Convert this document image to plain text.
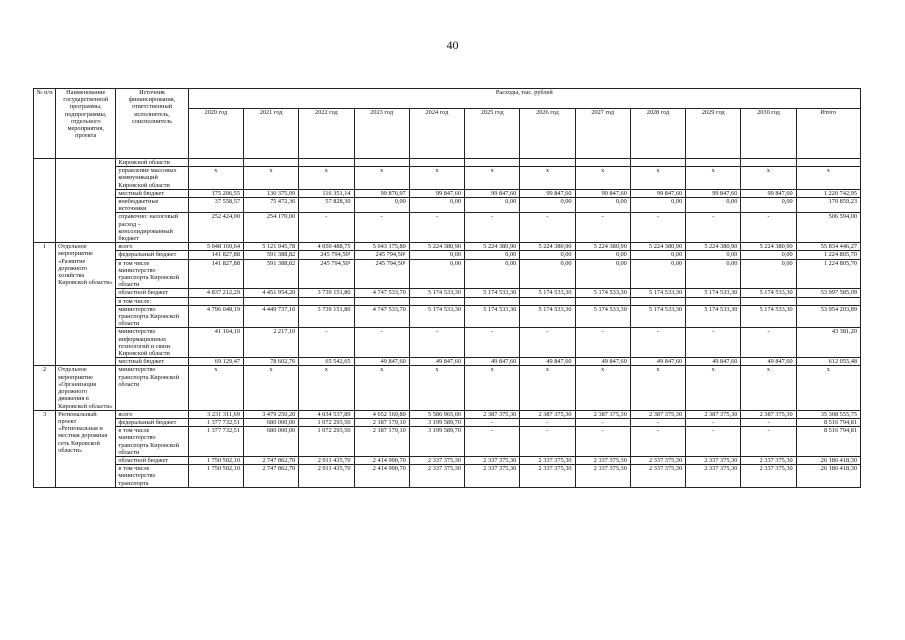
40
№ п/п	Наименование государственной программы, подпрограммы, отдельного мероприятия, проекта	Источник финансирования, ответственный исполнитель, соисполнитель	Расходы, тыс. рублей											
			2020 год	2021 год	2022 год	2023 год	2024 год	2025 год	2026 год	2027 год	2028 год	2029 год	2030 год	Итого
		Кировской области												
		управление массовых коммуникаций Кировской области	x	x	x	x	x	x	x	x	x	x	x	x
		местный бюджет	175 206,55	130 375,09	116 351,14	99 876,97	99 847,60	99 847,60	99 847,60	99 847,60	99 847,60	99 847,60	99 847,60	1 220 742,95
		внебюджетные источники	37 558,57	75 472,36	57 828,30	0,00	0,00	0,00	0,00	0,00	0,00	0,00	0,00	170 859,23
		справочно: налоговый расход – консолидированный бюджет	252 424,00	254 170,00	-	-	-	-	-	-	-	-	-	506 594,00
1	Отдельное мероприятие «Развитие дорожного хозяйства Кировской области»	всего	5 048 169,64	5 121 945,78	4 050 488,75	5 043 175,80	5 224 380,90	5 224 380,90	5 224 380,90	5 224 380,90	5 224 380,90	5 224 380,90	5 224 380,90	55 834 446,27
		федеральный бюджет	141 827,88	591 388,82	245 794,50¹	245 794,50¹	0,00	0,00	0,00	0,00	0,00	0,00	0,00	1 224 805,70
		в том числе министерство транспорта Кировской области	141 827,88	591 388,82	245 794,50¹	245 794,50¹	0,00	0,00	0,00	0,00	0,00	0,00	0,00	1 224 805,70
		областной бюджет	4 837 212,29	4 451 954,20	3 739 151,80	4 747 533,70	5 174 533,30	5 174 533,30	5 174 533,30	5 174 533,30	5 174 533,30	5 174 533,30	5 174 533,30	53 997 585,09
		в том числе:												
		министерство транспорта Кировской области	4 796 048,19	4 449 737,10	3 739 151,80	4 747 533,70	5 174 533,30	5 174 533,30	5 174 533,30	5 174 533,30	5 174 533,30	5 174 533,30	5 174 533,30	53 954 203,89
		министерство информационных технологий и связи Кировской области	41 164,10	2 217,10	-	-	-	-	-	-	-	-	-	43 381,20
		местный бюджет	69 129,47	78 602,76	65 542,65	49 847,60	49 847,60	49 847,60	49 847,60	49 847,60	49 847,60	49 847,60	49 847,60	612 055,48
2	Отдельное мероприятие «Организация дорожного движения в Кировской области»	министерство транспорта Кировской области	x	x	x	x	x	x	x	x	x	x	x	x
3	Региональный проект «Региональная и местная дорожная сеть Кировской области»	всего	3 231 311,69	3 479 250,20	4 034 537,89	4 652 169,80	5 586 965,00	2 387 375,30	2 387 375,30	2 387 375,30	2 387 375,30	2 387 375,30	2 387 375,30	35 308 555,75
		федеральный бюджет	1 377 732,51	680 000,00	1 072 293,50	2 187 179,10	3 199 589,70	-	-	-	-	-	-	8 516 794,81
		в том числе министерство транспорта Кировской области	1 377 732,51	680 000,00	1 072 293,50	2 187 179,10	3 199 589,70	-	-	-	-	-	-	8 516 794,81
		областной бюджет	1 750 502,10	2 747 862,70	2 911 435,70	2 414 990,70	2 337 375,30	2 337 375,30	2 337 375,30	2 337 375,30	2 337 375,30	2 337 375,30	2 337 375,30	26 186 418,30
		в том числе министерство транспорта	1 750 502,10	2 747 862,70	2 911 435,70	2 414 990,70	2 337 375,30	2 337 375,30	2 337 375,30	2 337 375,30	2 337 375,30	2 337 375,30	2 337 375,30	26 186 418,30
